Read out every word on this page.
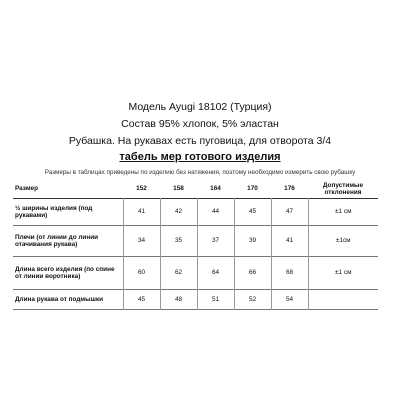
Модель Ayugi 18102 (Турция)
Состав 95% хлопок, 5% эластан
Рубашка. На рукавах есть пуговица, для отворота 3/4
табель мер готового изделия
Размеры в таблицах приведены по изделию без натяжения, поэтому необходимо измерить свою рубашку
Размер	152	158	164	170	176	Допустимые отклонения
½ ширины изделия (под рукавами)	41	42	44	45	47	±1 см
Плечи (от линии до линии отачивания рукава)	34	35	37	39	41	±1см
Длина всего изделия (по спине от линии воротника)	60	62	64	66	68	±1 см
Длина рукава от подмышки	45	48	51	52	54	
